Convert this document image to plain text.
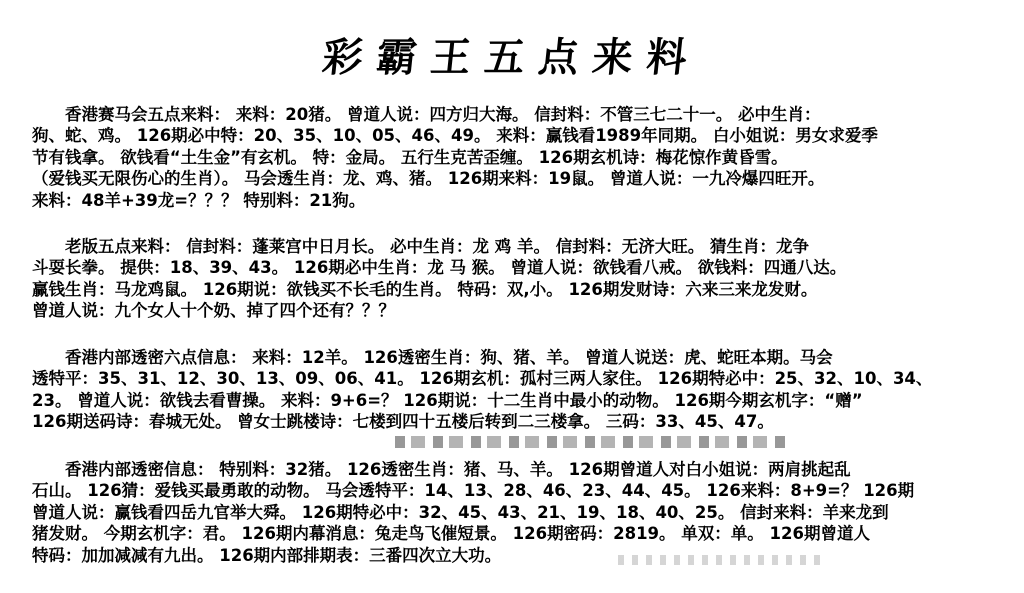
彩霸王五点来料
　　香港赛马会五点来料： 来料：20猪。 曾道人说：四方归大海。 信封料：不管三七二十一。 必中生肖：
狗、蛇、鸡。 126期必中特：20、35、10、05、46、49。 来料：赢钱看1989年同期。 白小姐说：男女求爱季
节有钱拿。 欲钱看“土生金”有玄机。 特：金局。 五行生克苦歪缠。 126期玄机诗：梅花惊作黄昏雪。
（爱钱买无限伤心的生肖）。 马会透生肖：龙、鸡、猪。 126期来料：19鼠。 曾道人说：一九冷爆四旺开。
来料：48羊+39龙=？？？ 特别料：21狗。
　　老版五点来料： 信封料：蓬莱宫中日月长。 必中生肖：龙 鸡 羊。 信封料：无济大旺。 猜生肖：龙争
斗耍长拳。 提供：18、39、43。 126期必中生肖：龙 马 猴。 曾道人说：欲钱看八戒。 欲钱料：四通八达。
赢钱生肖：马龙鸡鼠。 126期说：欲钱买不长毛的生肖。 特码：双,小。 126期发财诗：六来三来龙发财。
曾道人说：九个女人十个奶、掉了四个还有？？？
　　香港内部透密六点信息： 来料：12羊。 126透密生肖：狗、猪、羊。 曾道人说送：虎、蛇旺本期。马会
透特平：35、31、12、30、13、09、06、41。 126期玄机：孤村三两人家住。 126期特必中：25、32、10、34、
23。 曾道人说：欲钱去看曹操。 来料：9+6=？ 126期说：十二生肖中最小的动物。 126期今期玄机字：“赠”
126期送码诗：春城无处。 曾女士跳楼诗：七楼到四十五楼后转到二三楼拿。 三码：33、45、47。
　　香港内部透密信息： 特别料：32猪。 126透密生肖：猪、马、羊。 126期曾道人对白小姐说：两肩挑起乱
石山。 126猜：爱钱买最勇敢的动物。 马会透特平：14、13、28、46、23、44、45。 126来料：8+9=？ 126期
曾道人说：赢钱看四岳九官举大舜。 126期特必中：32、45、43、21、19、18、40、25。 信封来料：羊来龙到
猪发财。 今期玄机字：君。 126期内幕消息：兔走鸟飞催短景。 126期密码：2819。 单双：单。 126期曾道人
特码：加加减减有九出。 126期内部排期表：三番四次立大功。
